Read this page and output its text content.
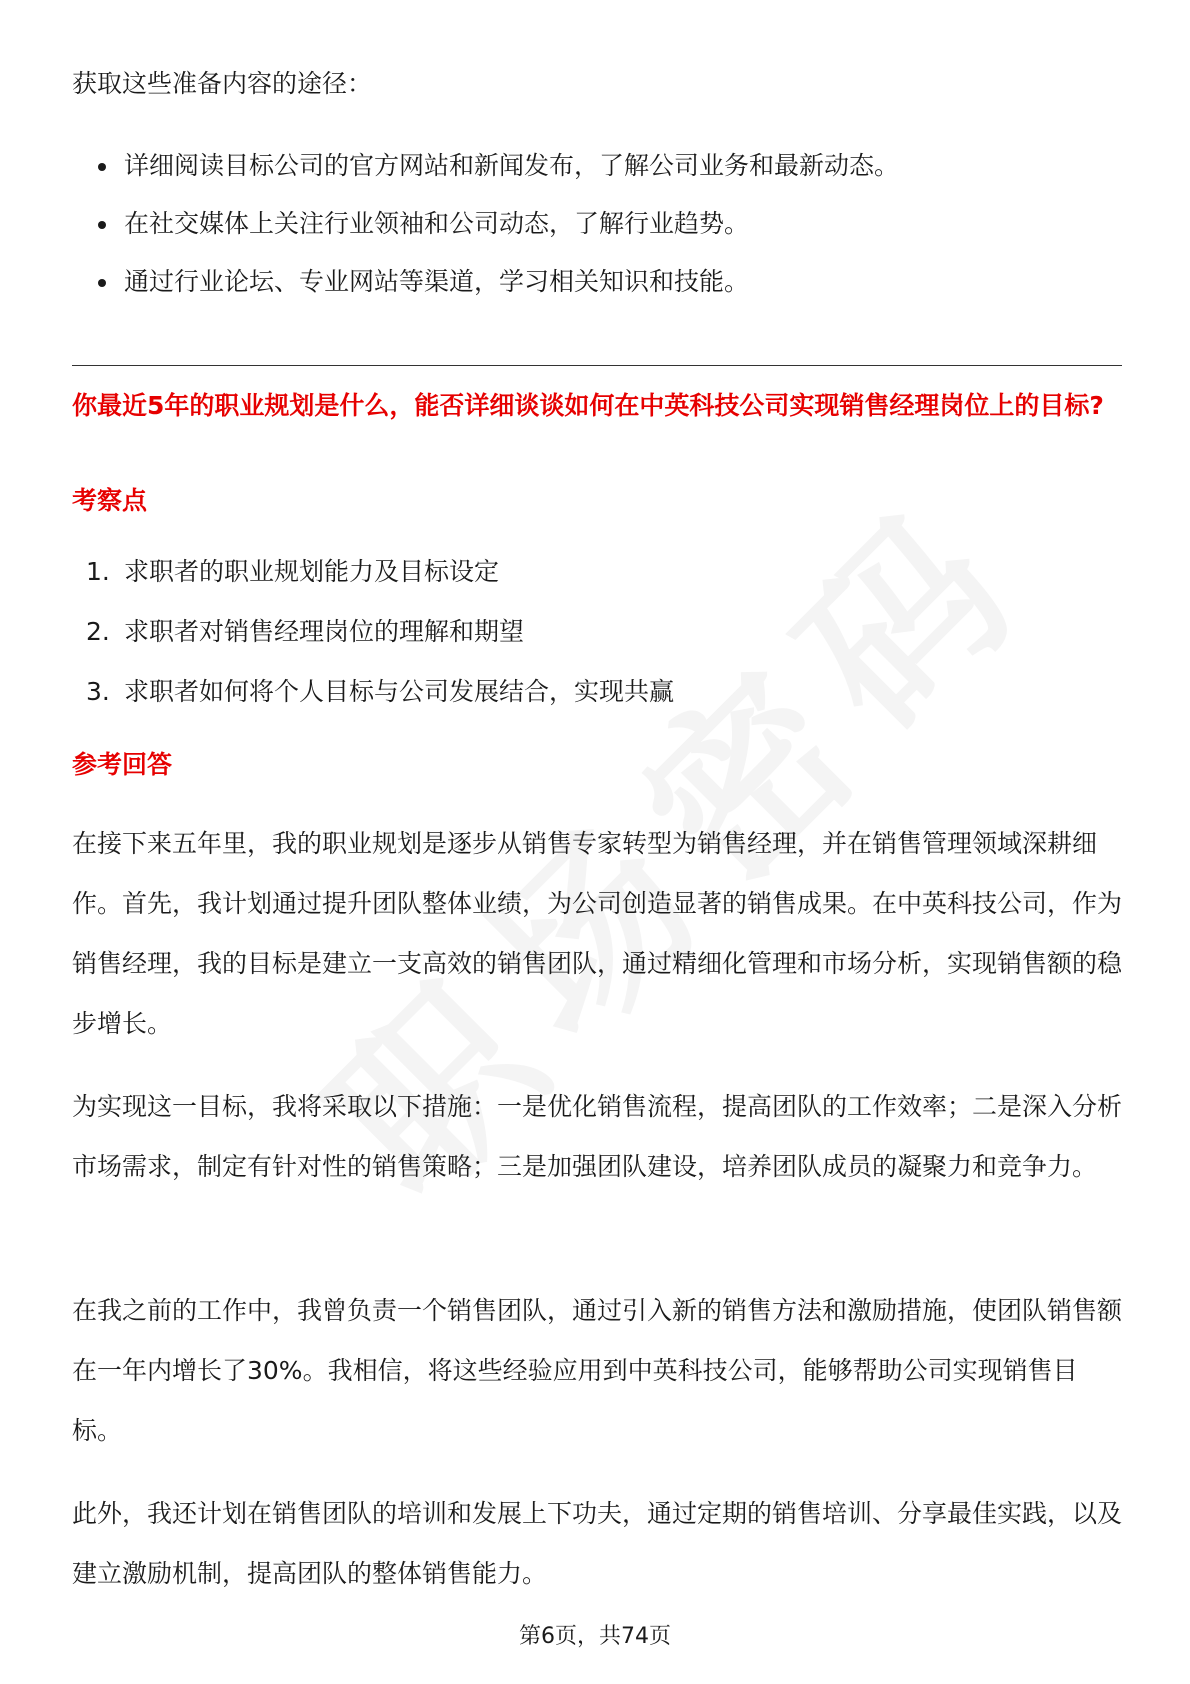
获取这些准备内容的途径：
详细阅读目标公司的官方网站和新闻发布，了解公司业务和最新动态。
在社交媒体上关注行业领袖和公司动态，了解行业趋势。
通过行业论坛、专业网站等渠道，学习相关知识和技能。
你最近5年的职业规划是什么，能否详细谈谈如何在中英科技公司实现销售经理岗位上的目标?
考察点
1. 求职者的职业规划能力及目标设定
2. 求职者对销售经理岗位的理解和期望
3. 求职者如何将个人目标与公司发展结合，实现共赢
参考回答

在接下来五年里，我的职业规划是逐步从销售专家转型为销售经理，并在销售管理领域深耕细作。首先，我计划通过提升团队整体业绩，为公司创造显著的销售成果。在中英科技公司，作为销售经理，我的目标是建立一支高效的销售团队，通过精细化管理和市场分析，实现销售额的稳步增长。

为实现这一目标，我将采取以下措施：一是优化销售流程，提高团队的工作效率；二是深入分析市场需求，制定有针对性的销售策略；三是加强团队建设，培养团队成员的凝聚力和竞争力。

在我之前的工作中，我曾负责一个销售团队，通过引入新的销售方法和激励措施，使团队销售额在一年内增长了30%。我相信，将这些经验应用到中英科技公司，能够帮助公司实现销售目标。

此外，我还计划在销售团队的培训和发展上下功夫，通过定期的销售培训、分享最佳实践，以及建立激励机制，提高团队的整体销售能力。

第6页，共74页
